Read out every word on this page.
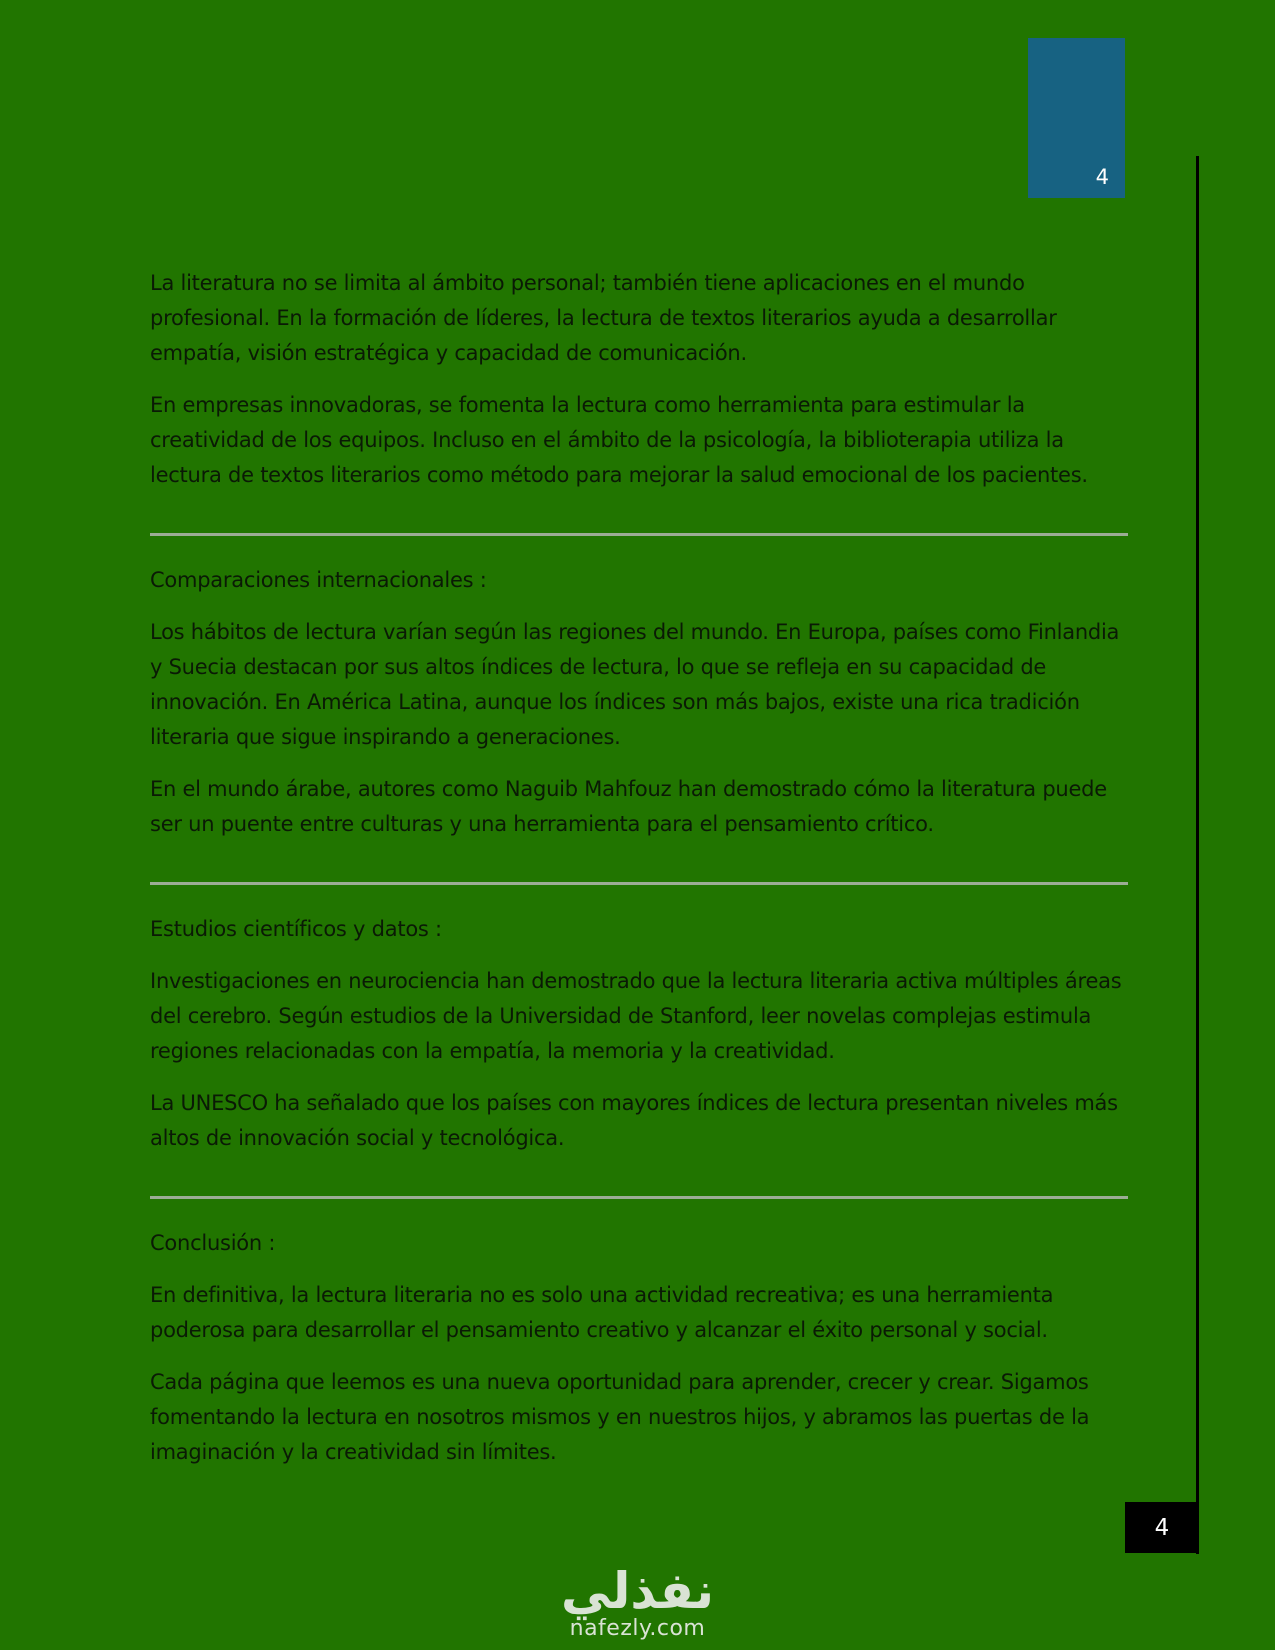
4

La literatura no se limita al ámbito personal; también tiene aplicaciones en el mundo profesional. En la formación de líderes, la lectura de textos literarios ayuda a desarrollar empatía, visión estratégica y capacidad de comunicación.

En empresas innovadoras, se fomenta la lectura como herramienta para estimular la creatividad de los equipos. Incluso en el ámbito de la psicología, la biblioterapia utiliza la lectura de textos literarios como método para mejorar la salud emocional de los pacientes.

Comparaciones internacionales :

Los hábitos de lectura varían según las regiones del mundo. En Europa, países como Finlandia y Suecia destacan por sus altos índices de lectura, lo que se refleja en su capacidad de innovación. En América Latina, aunque los índices son más bajos, existe una rica tradición literaria que sigue inspirando a generaciones.

En el mundo árabe, autores como Naguib Mahfouz han demostrado cómo la literatura puede ser un puente entre culturas y una herramienta para el pensamiento crítico.

Estudios científicos y datos :

Investigaciones en neurociencia han demostrado que la lectura literaria activa múltiples áreas del cerebro. Según estudios de la Universidad de Stanford, leer novelas complejas estimula regiones relacionadas con la empatía, la memoria y la creatividad.

La UNESCO ha señalado que los países con mayores índices de lectura presentan niveles más altos de innovación social y tecnológica.

Conclusión :

En definitiva, la lectura literaria no es solo una actividad recreativa; es una herramienta poderosa para desarrollar el pensamiento creativo y alcanzar el éxito personal y social.

Cada página que leemos es una nueva oportunidad para aprender, crecer y crear. Sigamos fomentando la lectura en nosotros mismos y en nuestros hijos, y abramos las puertas de la imaginación y la creatividad sin límites.

4
نفذلي
nafezly.com
